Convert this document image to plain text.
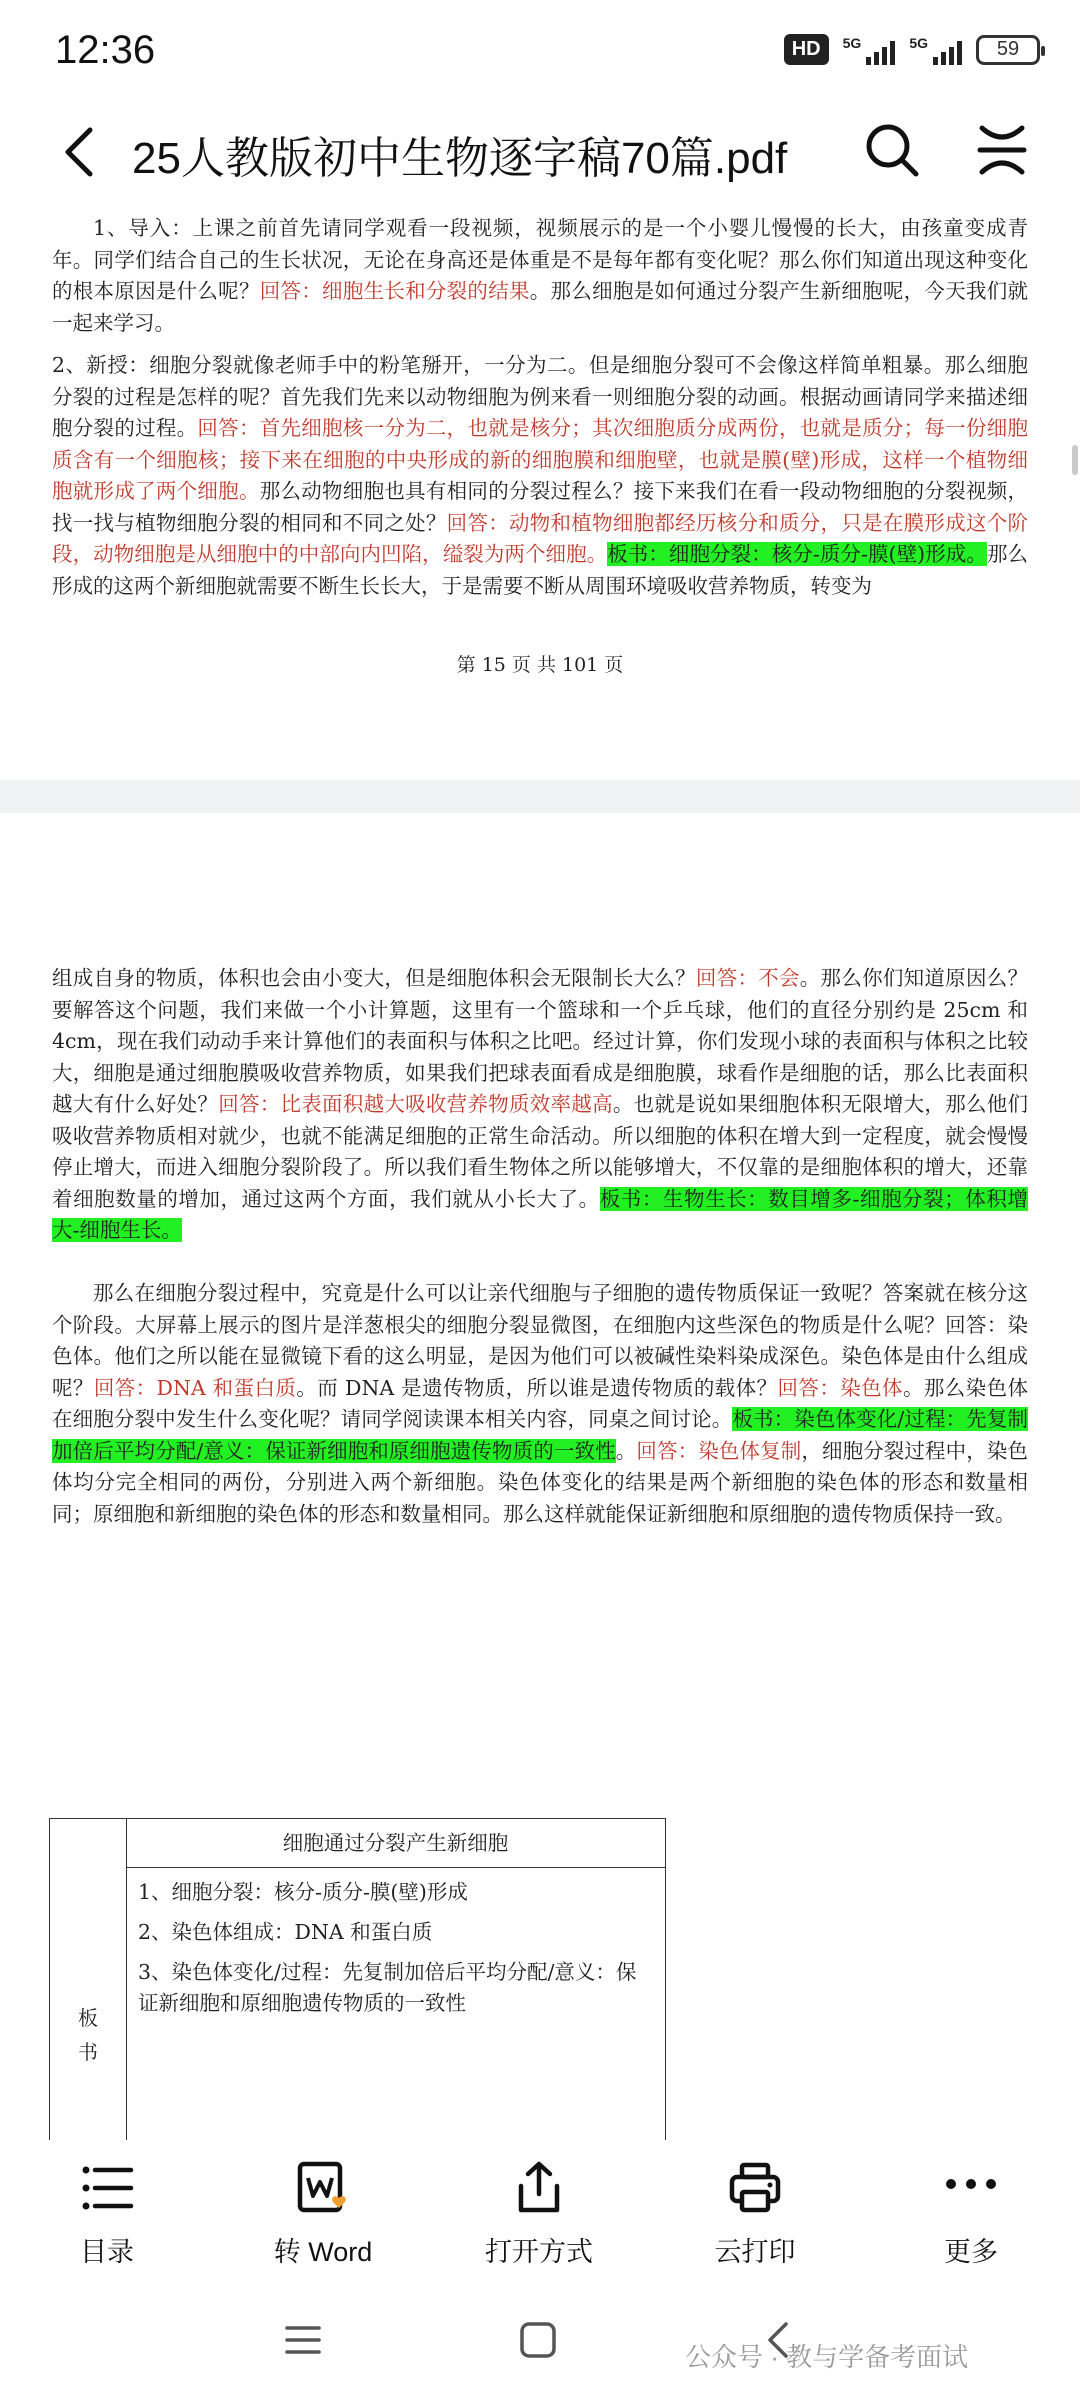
12:36	HD	5G	5G	59
25人教版初中生物逐字稿70篇.pdf
1、导入：上课之前首先请同学观看一段视频，视频展示的是一个小婴儿慢慢的长大，由孩童变成青年。同学们结合自己的生长状况，无论在身高还是体重是不是每年都有变化呢？那么你们知道出现这种变化的根本原因是什么呢？回答：细胞生长和分裂的结果。那么细胞是如何通过分裂产生新细胞呢，今天我们就一起来学习。
2、新授：细胞分裂就像老师手中的粉笔掰开，一分为二。但是细胞分裂可不会像这样简单粗暴。那么细胞分裂的过程是怎样的呢？首先我们先来以动物细胞为例来看一则细胞分裂的动画。根据动画请同学来描述细胞分裂的过程。回答：首先细胞核一分为二，也就是核分；其次细胞质分成两份，也就是质分；每一份细胞质含有一个细胞核；接下来在细胞的中央形成的新的细胞膜和细胞壁，也就是膜(壁)形成，这样一个植物细胞就形成了两个细胞。那么动物细胞也具有相同的分裂过程么？接下来我们在看一段动物细胞的分裂视频，找一找与植物细胞分裂的相同和不同之处？回答：动物和植物细胞都经历核分和质分，只是在膜形成这个阶段，动物细胞是从细胞中的中部向内凹陷，缢裂为两个细胞。板书：细胞分裂：核分-质分-膜(壁)形成。那么形成的这两个新细胞就需要不断生长长大，于是需要不断从周围环境吸收营养物质，转变为
第 15 页 共 101 页
组成自身的物质，体积也会由小变大，但是细胞体积会无限制长大么？回答：不会。那么你们知道原因么？要解答这个问题，我们来做一个小计算题，这里有一个篮球和一个乒乓球，他们的直径分别约是 25cm 和 4cm，现在我们动动手来计算他们的表面积与体积之比吧。经过计算，你们发现小球的表面积与体积之比较大，细胞是通过细胞膜吸收营养物质，如果我们把球表面看成是细胞膜，球看作是细胞的话，那么比表面积越大有什么好处？回答：比表面积越大吸收营养物质效率越高。也就是说如果细胞体积无限增大，那么他们吸收营养物质相对就少，也就不能满足细胞的正常生命活动。所以细胞的体积在增大到一定程度，就会慢慢停止增大，而进入细胞分裂阶段了。所以我们看生物体之所以能够增大，不仅靠的是细胞体积的增大，还靠着细胞数量的增加，通过这两个方面，我们就从小长大了。板书：生物生长：数目增多-细胞分裂；体积增大-细胞生长。
那么在细胞分裂过程中，究竟是什么可以让亲代细胞与子细胞的遗传物质保证一致呢？答案就在核分这个阶段。大屏幕上展示的图片是洋葱根尖的细胞分裂显微图，在细胞内这些深色的物质是什么呢？回答：染色体。他们之所以能在显微镜下看的这么明显，是因为他们可以被碱性染料染成深色。染色体是由什么组成呢？回答：DNA 和蛋白质。而 DNA 是遗传物质，所以谁是遗传物质的载体？回答：染色体。那么染色体在细胞分裂中发生什么变化呢？请同学阅读课本相关内容，同桌之间讨论。板书：染色体变化/过程：先复制加倍后平均分配/意义：保证新细胞和原细胞遗传物质的一致性。回答：染色体复制，细胞分裂过程中，染色体均分完全相同的两份，分别进入两个新细胞。染色体变化的结果是两个新细胞的染色体的形态和数量相同；原细胞和新细胞的染色体的形态和数量相同。那么这样就能保证新细胞和原细胞的遗传物质保持一致。
板书
细胞通过分裂产生新细胞
1、细胞分裂：核分-质分-膜(壁)形成
2、染色体组成：DNA 和蛋白质
3、染色体变化/过程：先复制加倍后平均分配/意义：保证新细胞和原细胞遗传物质的一致性
目录	转 Word	打开方式	云打印	更多
公众号 · 教与学备考面试
